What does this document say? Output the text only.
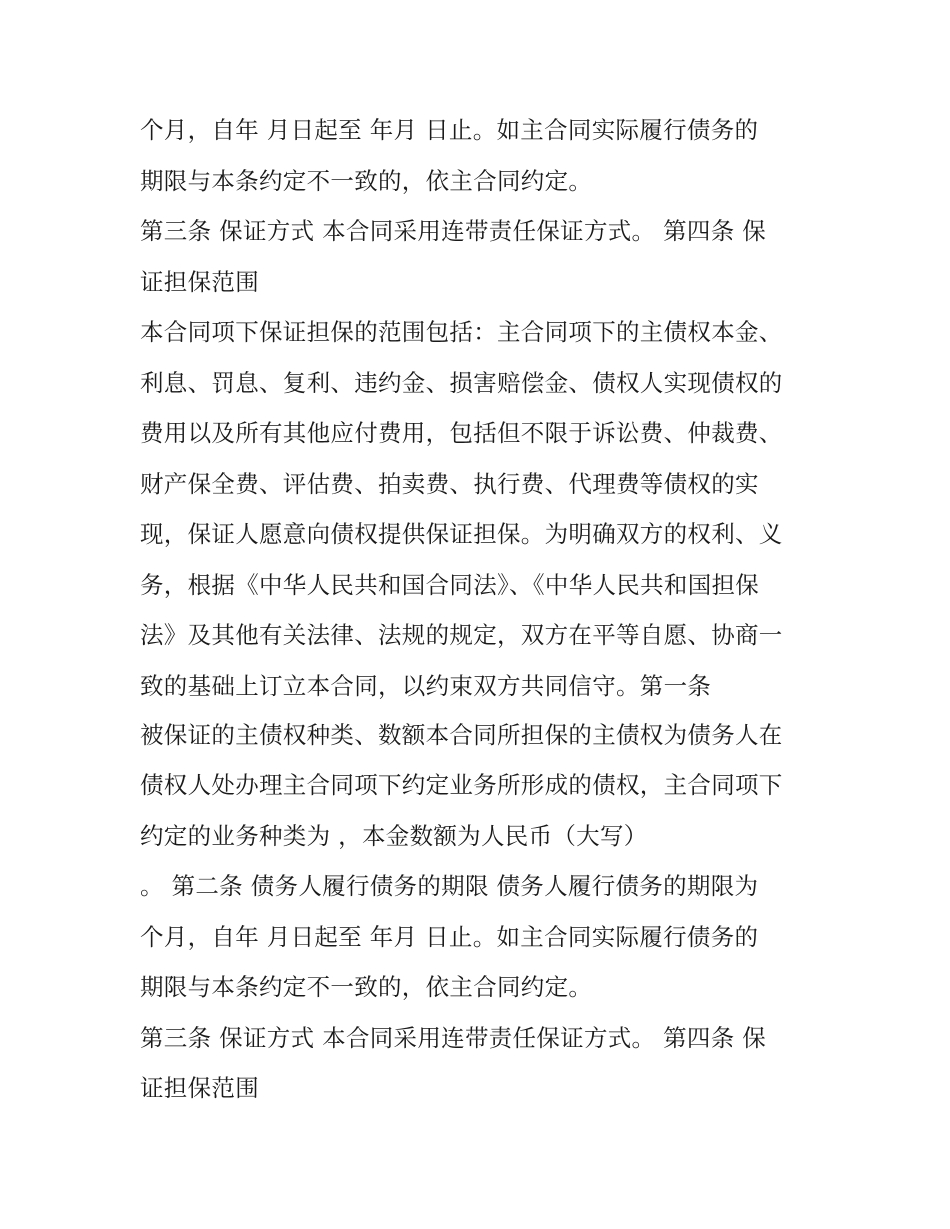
个月，自年 月日起至 年月 日止。如主合同实际履行债务的
期限与本条约定不一致的，依主合同约定。
第三条 保证方式 本合同采用连带责任保证方式。 第四条 保
证担保范围
本合同项下保证担保的范围包括：主合同项下的主债权本金、
利息、罚息、复利、违约金、损害赔偿金、债权人实现债权的
费用以及所有其他应付费用，包括但不限于诉讼费、仲裁费、
财产保全费、评估费、拍卖费、执行费、代理费等债权的实
现，保证人愿意向债权提供保证担保。为明确双方的权利、义
务，根据《中华人民共和国合同法》、《中华人民共和国担保
法》及其他有关法律、法规的规定，双方在平等自愿、协商一
致的基础上订立本合同，以约束双方共同信守。第一条
被保证的主债权种类、数额本合同所担保的主债权为债务人在
债权人处办理主合同项下约定业务所形成的债权，主合同项下
约定的业务种类为 ，本金数额为人民币（大写）
。 第二条 债务人履行债务的期限 债务人履行债务的期限为
个月，自年 月日起至 年月 日止。如主合同实际履行债务的
期限与本条约定不一致的，依主合同约定。
第三条 保证方式 本合同采用连带责任保证方式。 第四条 保
证担保范围
